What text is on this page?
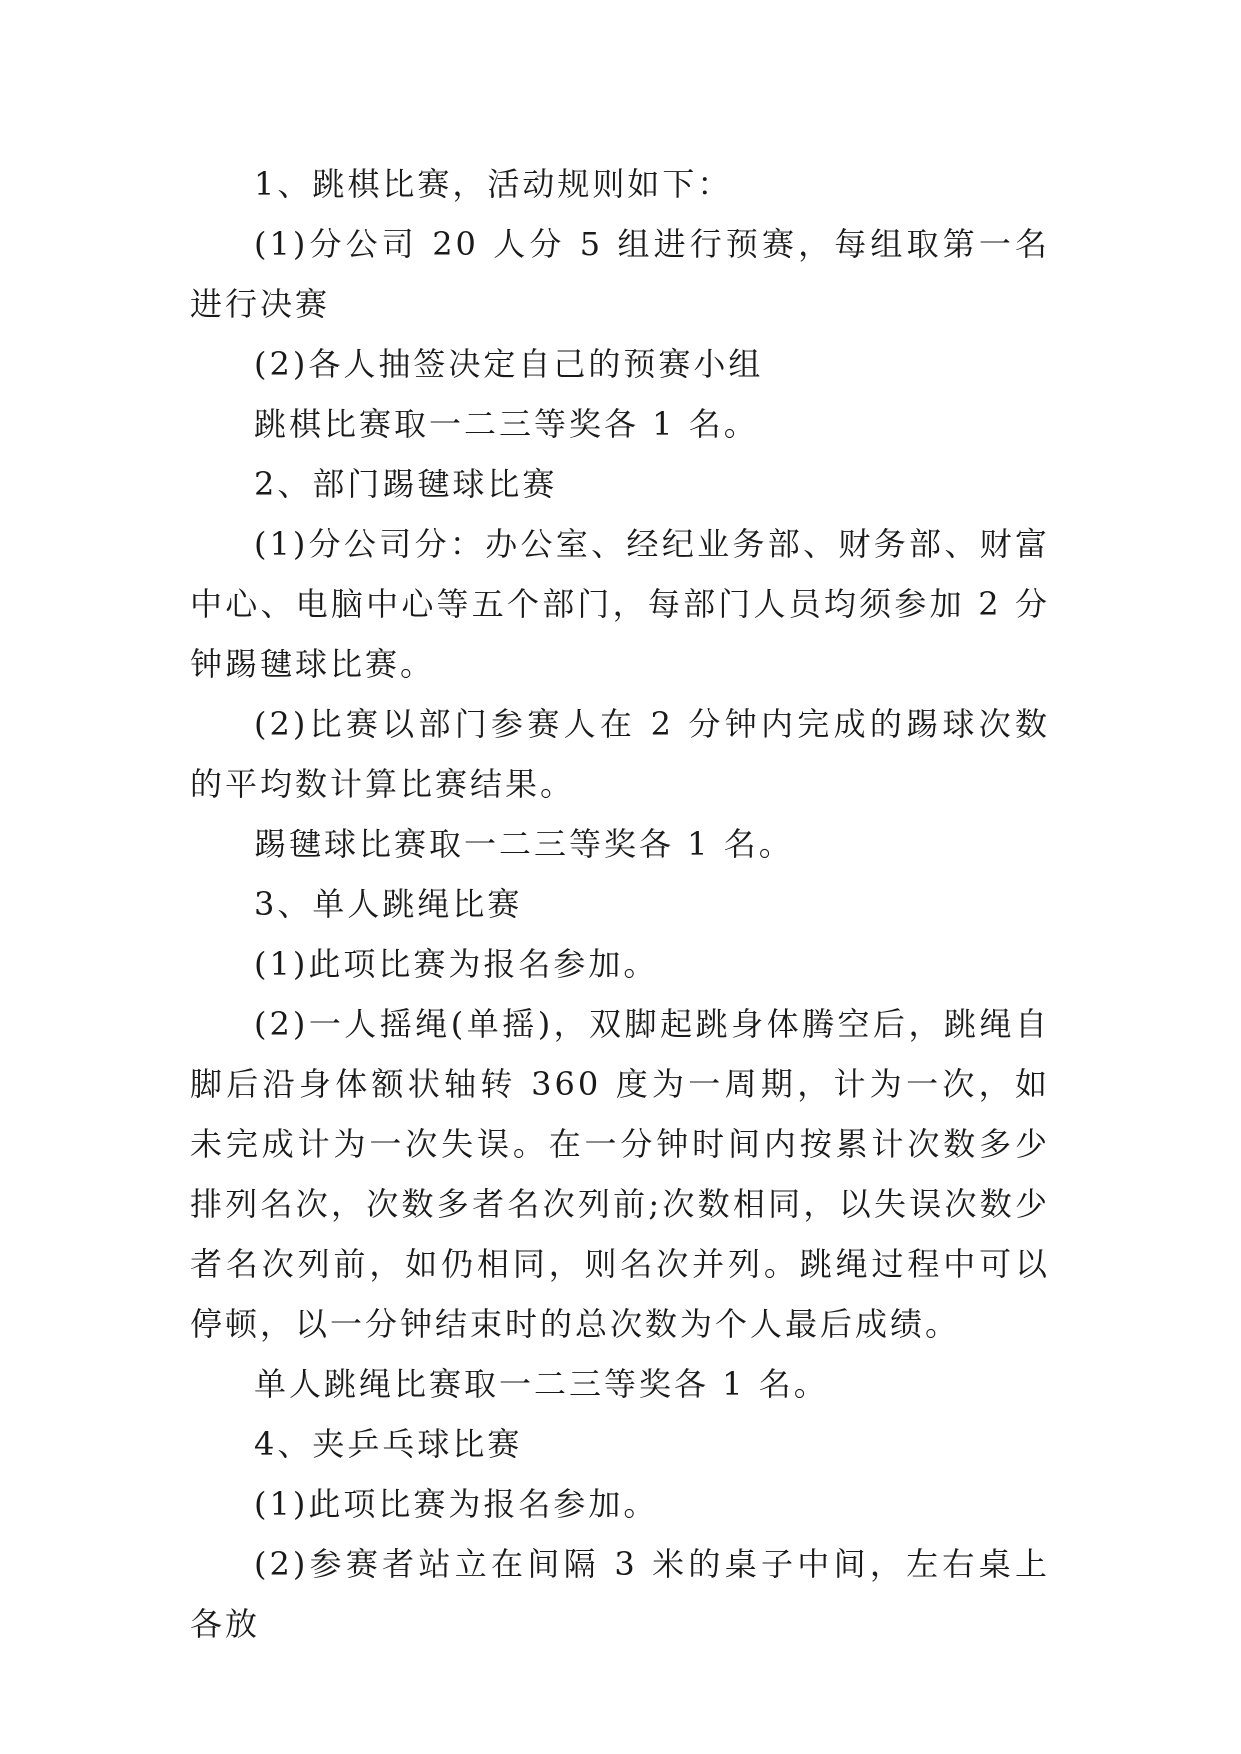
1、跳棋比赛，活动规则如下：

(1)分公司 20 人分 5 组进行预赛，每组取第一名进行决赛

(2)各人抽签决定自己的预赛小组

跳棋比赛取一二三等奖各 1 名。

2、部门踢毽球比赛

(1)分公司分：办公室、经纪业务部、财务部、财富中心、电脑中心等五个部门，每部门人员均须参加 2 分钟踢毽球比赛。

(2)比赛以部门参赛人在 2 分钟内完成的踢球次数的平均数计算比赛结果。

踢毽球比赛取一二三等奖各 1 名。

3、单人跳绳比赛

(1)此项比赛为报名参加。

(2)一人摇绳(单摇)，双脚起跳身体腾空后，跳绳自脚后沿身体额状轴转 360 度为一周期，计为一次，如未完成计为一次失误。在一分钟时间内按累计次数多少排列名次，次数多者名次列前;次数相同，以失误次数少者名次列前，如仍相同，则名次并列。跳绳过程中可以停顿，以一分钟结束时的总次数为个人最后成绩。

单人跳绳比赛取一二三等奖各 1 名。

4、夹乒乓球比赛

(1)此项比赛为报名参加。

(2)参赛者站立在间隔 3 米的桌子中间，左右桌上各放
